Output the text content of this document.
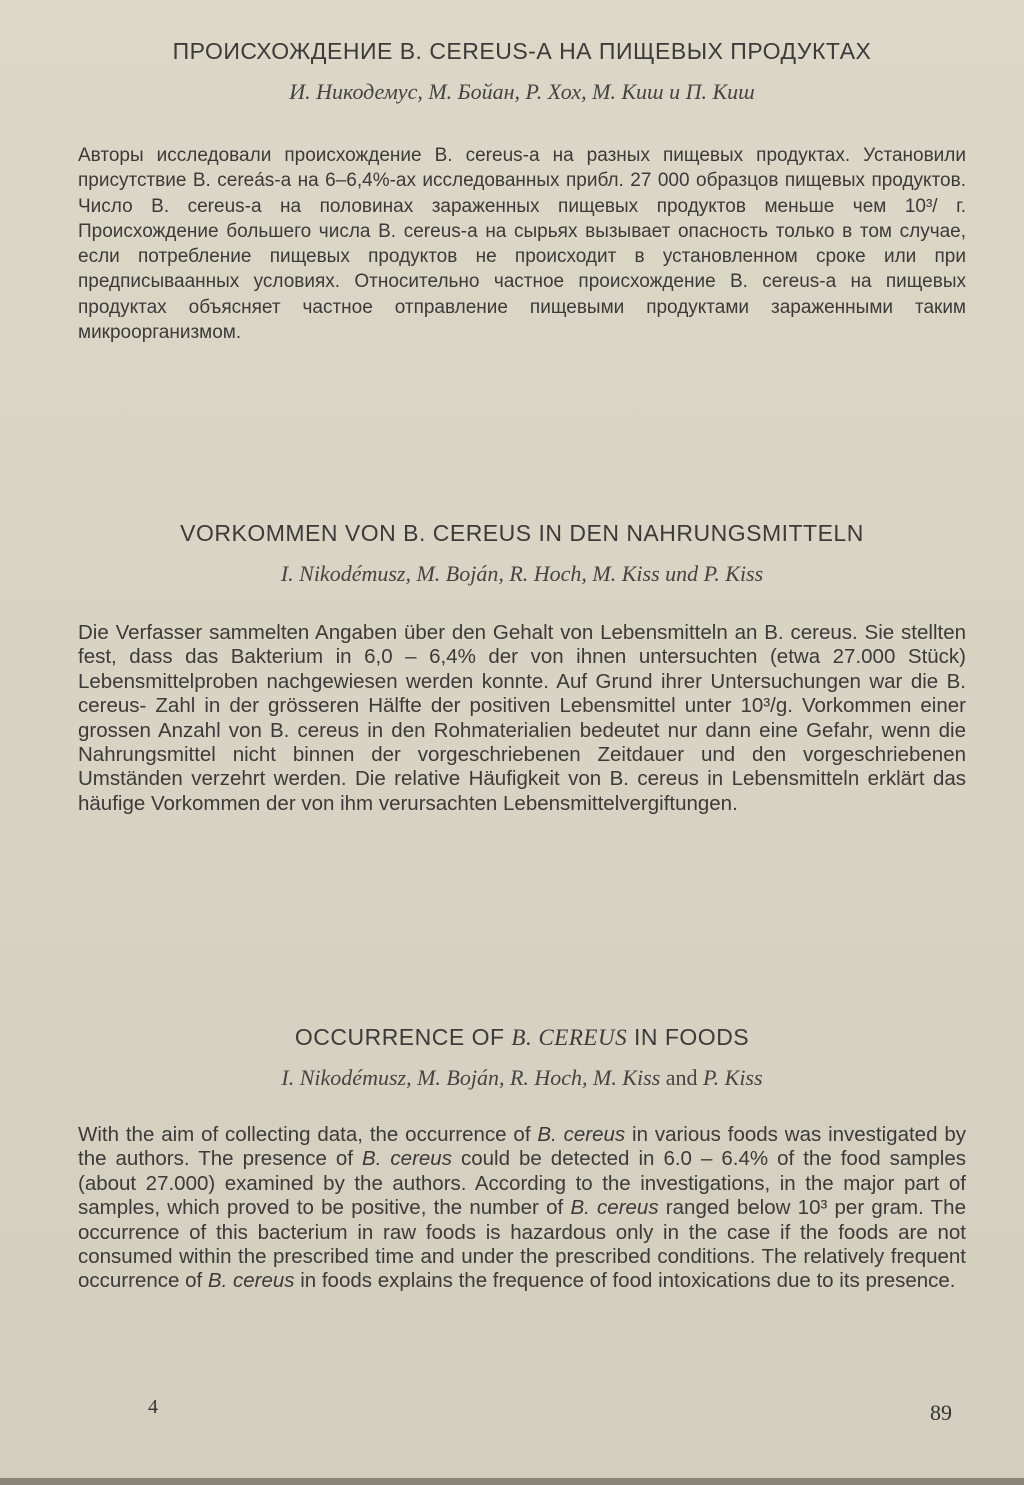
ПРОИСХОЖДЕНИЕ В. CEREUS-А НА ПИЩЕВЫХ ПРОДУКТАХ
И. Никодемус, М. Бойан, Р. Хох, М. Киш и П. Киш

Авторы исследовали происхождение B. cereus-а на разных пищевых продуктах. Установили присутствие B. cereás-а на 6–6,4%-ах исследованных прибл. 27 000 образцов пищевых продуктов. Число B. cereus-а на половинах зараженных пищевых продуктов меньше чем 10³/ г. Происхождение большего числа B. cereus-а на сырьях вызывает опасность только в том случае, если потребление пищевых продуктов не происходит в установленном сроке или при предписываанных условиях. Относительно частное происхождение B. cereus-а на пищевых продуктах объясняет частное отправление пищевыми продуктами зараженными таким микроорганизмом.

VORKOMMEN VON B. CEREUS IN DEN NAHRUNGSMITTELN
I. Nikodémusz, M. Boján, R. Hoch, M. Kiss und P. Kiss

Die Verfasser sammelten Angaben über den Gehalt von Lebensmitteln an B. cereus. Sie stellten fest, dass das Bakterium in 6,0 – 6,4% der von ihnen untersuchten (etwa 27.000 Stück) Lebensmittelproben nachgewiesen werden konnte. Auf Grund ihrer Untersuchungen war die B. cereus- Zahl in der grösseren Hälfte der positiven Lebensmittel unter 10³/g. Vorkommen einer grossen Anzahl von B. cereus in den Rohmaterialien bedeutet nur dann eine Gefahr, wenn die Nahrungsmittel nicht binnen der vorgeschriebenen Zeitdauer und den vorgeschriebenen Umständen verzehrt werden. Die relative Häufigkeit von B. cereus in Lebensmitteln erklärt das häufige Vorkommen der von ihm verursachten Lebensmittelvergiftungen.

OCCURRENCE OF B. CEREUS IN FOODS
I. Nikodémusz, M. Boján, R. Hoch, M. Kiss and P. Kiss

With the aim of collecting data, the occurrence of B. cereus in various foods was investigated by the authors. The presence of B. cereus could be detected in 6.0 – 6.4% of the food samples (about 27.000) examined by the authors. According to the investigations, in the major part of samples, which proved to be positive, the number of B. cereus ranged below 10³ per gram. The occurrence of this bacterium in raw foods is hazardous only in the case if the foods are not consumed within the prescribed time and under the prescribed conditions. The relatively frequent occurrence of B. cereus in foods explains the frequence of food intoxications due to its presence.

4	89
